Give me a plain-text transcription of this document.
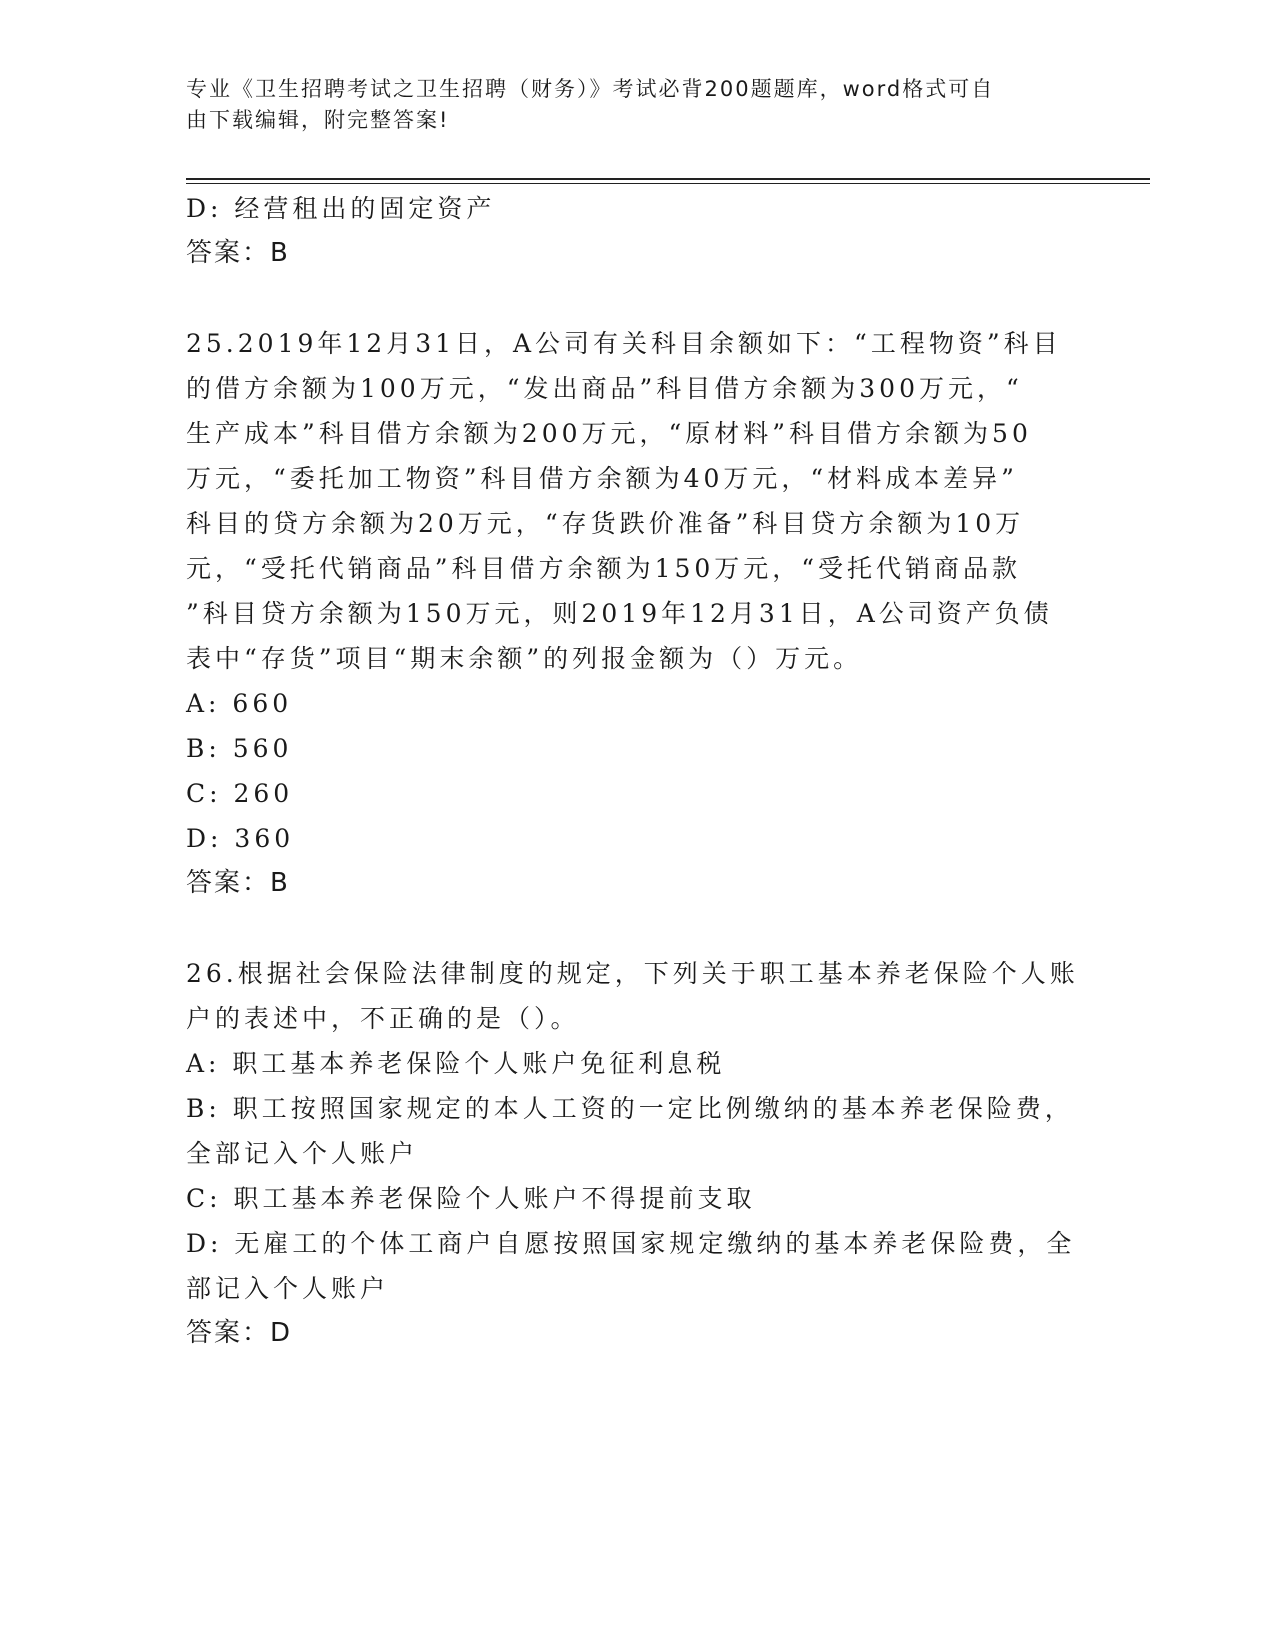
专业《卫生招聘考试之卫生招聘（财务）》考试必背200题题库，word格式可自
由下载编辑，附完整答案!
D: 经营租出的固定资产
答案：B
25.2019年12月31日，A公司有关科目余额如下：“工程物资”科目
的借方余额为100万元，“发出商品”科目借方余额为300万元，“
生产成本”科目借方余额为200万元，“原材料”科目借方余额为50
万元，“委托加工物资”科目借方余额为40万元，“材料成本差异”
科目的贷方余额为20万元，“存货跌价准备”科目贷方余额为10万
元，“受托代销商品”科目借方余额为150万元，“受托代销商品款
”科目贷方余额为150万元，则2019年12月31日，A公司资产负债
表中“存货”项目“期末余额”的列报金额为（）万元。
A: 660
B: 560
C: 260
D: 360
答案：B
26.根据社会保险法律制度的规定，下列关于职工基本养老保险个人账
户的表述中，不正确的是（）。
A: 职工基本养老保险个人账户免征利息税
B: 职工按照国家规定的本人工资的一定比例缴纳的基本养老保险费，
全部记入个人账户
C: 职工基本养老保险个人账户不得提前支取
D: 无雇工的个体工商户自愿按照国家规定缴纳的基本养老保险费，全
部记入个人账户
答案：D
